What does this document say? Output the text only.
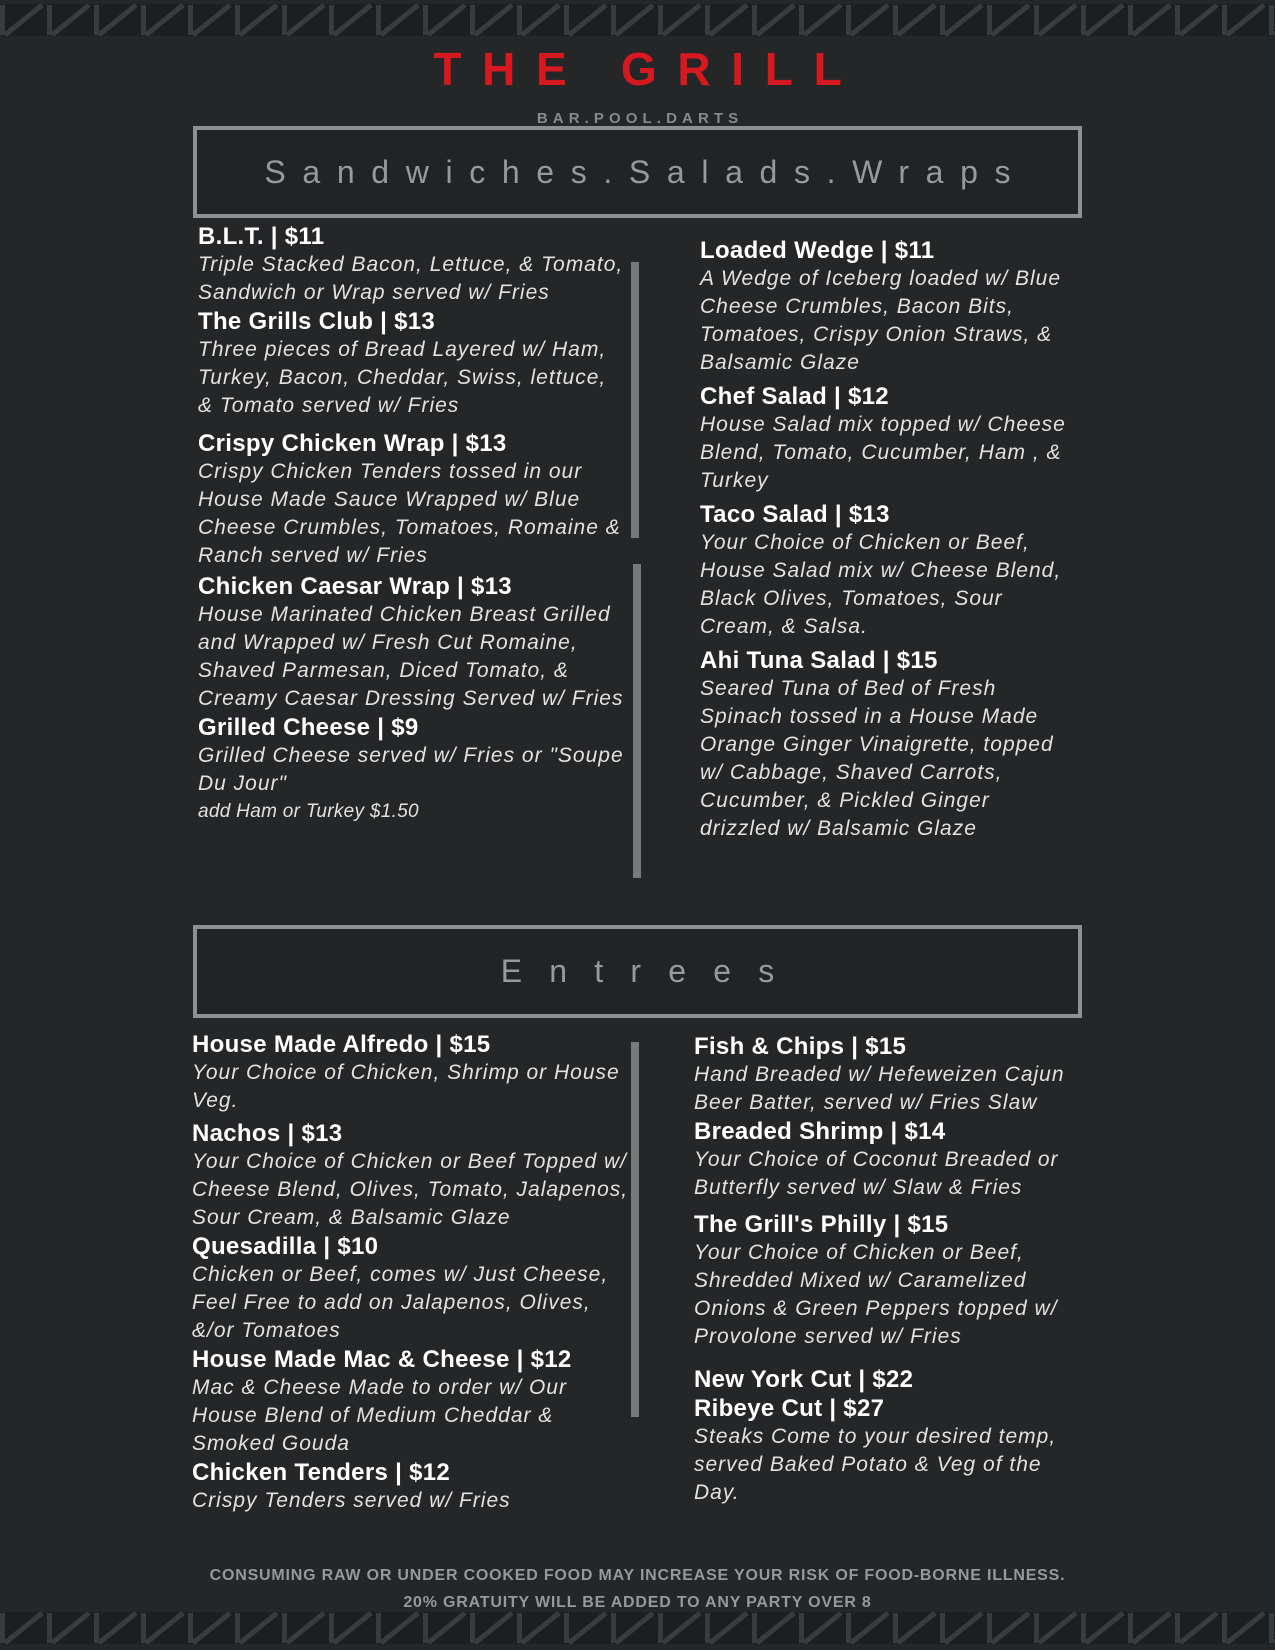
THE GRILL
BAR.POOL.DARTS
Sandwiches.Salads.Wraps
B.L.T. | $11

Triple Stacked Bacon, Lettuce, & Tomato, Sandwich or Wrap served w/ Fries

The Grills Club | $13

Three pieces of Bread Layered w/ Ham, Turkey, Bacon, Cheddar, Swiss, lettuce, & Tomato served w/ Fries

Crispy Chicken Wrap | $13

Crispy Chicken Tenders tossed in our House Made Sauce Wrapped w/ Blue Cheese Crumbles, Tomatoes, Romaine & Ranch served w/ Fries

Chicken Caesar Wrap | $13

House Marinated Chicken Breast Grilled and Wrapped w/ Fresh Cut Romaine, Shaved Parmesan, Diced Tomato, & Creamy Caesar Dressing Served w/ Fries

Grilled Cheese | $9

Grilled Cheese served w/ Fries or "Soupe Du Jour"

add Ham or Turkey $1.50

Loaded Wedge | $11

A Wedge of Iceberg loaded w/ Blue Cheese Crumbles, Bacon Bits, Tomatoes, Crispy Onion Straws, & Balsamic Glaze

Chef Salad | $12

House Salad mix topped w/ Cheese Blend, Tomato, Cucumber, Ham , & Turkey

Taco Salad | $13

Your Choice of Chicken or Beef, House Salad mix w/ Cheese Blend, Black Olives, Tomatoes, Sour Cream, & Salsa.

Ahi Tuna Salad | $15

Seared Tuna of Bed of Fresh Spinach tossed in a House Made Orange Ginger Vinaigrette, topped w/ Cabbage, Shaved Carrots, Cucumber, & Pickled Ginger drizzled w/ Balsamic Glaze

Entrees
House Made Alfredo | $15

Your Choice of Chicken, Shrimp or House Veg.

Nachos | $13

Your Choice of Chicken or Beef Topped w/ Cheese Blend, Olives, Tomato, Jalapenos, Sour Cream, & Balsamic Glaze

Quesadilla | $10

Chicken or Beef, comes w/ Just Cheese, Feel Free to add on Jalapenos, Olives, &/or Tomatoes

House Made Mac & Cheese | $12

Mac & Cheese Made to order w/ Our House Blend of Medium Cheddar & Smoked Gouda

Chicken Tenders | $12

Crispy Tenders served w/ Fries

Fish & Chips | $15

Hand Breaded w/ Hefeweizen Cajun Beer Batter, served w/ Fries Slaw

Breaded Shrimp | $14

Your Choice of Coconut Breaded or Butterfly served w/ Slaw & Fries

The Grill's Philly | $15

Your Choice of Chicken or Beef, Shredded Mixed w/ Caramelized Onions & Green Peppers topped w/ Provolone served w/ Fries

New York Cut | $22
Ribeye Cut | $27

Steaks Come to your desired temp, served Baked Potato & Veg of the Day.

CONSUMING RAW OR UNDER COOKED FOOD MAY INCREASE YOUR RISK OF FOOD-BORNE ILLNESS.
20% GRATUITY WILL BE ADDED TO ANY PARTY OVER 8
